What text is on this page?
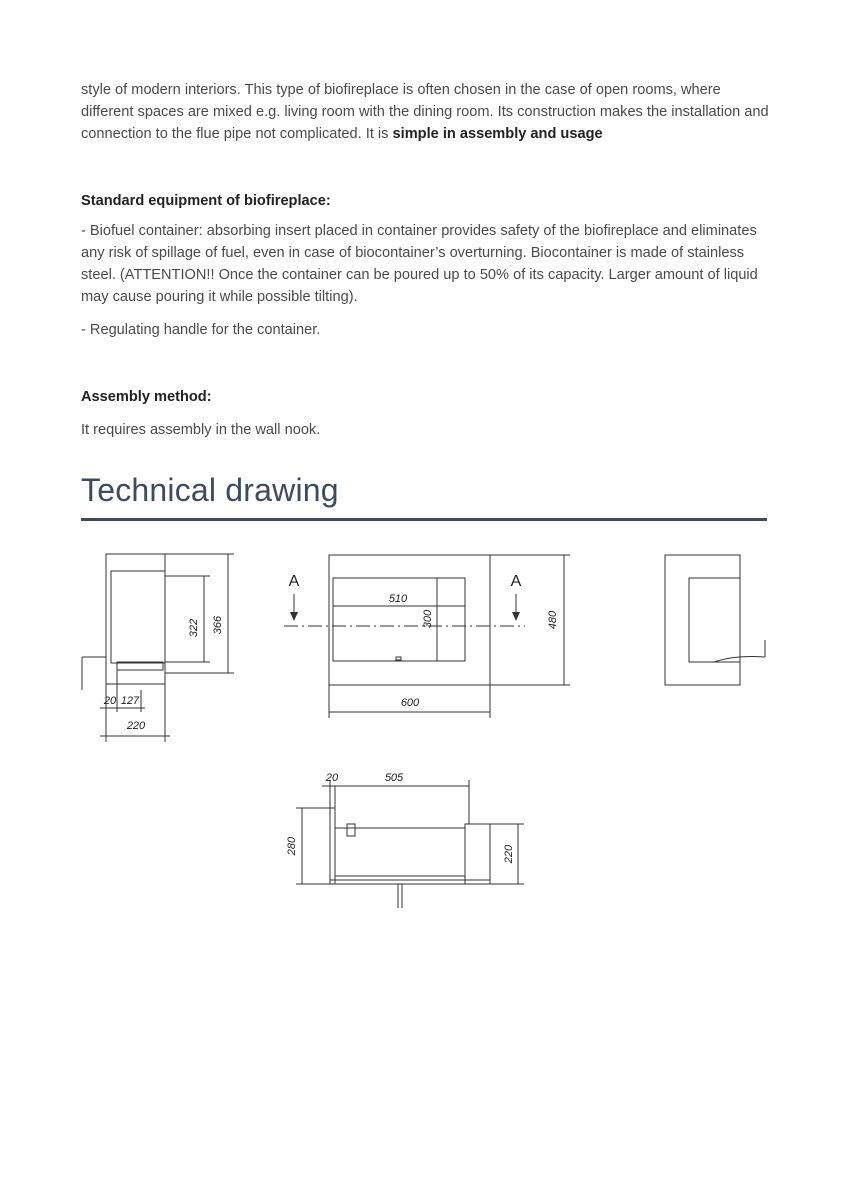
style of modern interiors. This type of biofireplace is often chosen in the case of open rooms, where different spaces are mixed e.g. living room with the dining room. Its construction makes the installation and connection to the flue pipe not complicated. It is simple in assembly and usage

Standard equipment of biofireplace:

- Biofuel container: absorbing insert placed in container provides safety of the biofireplace and eliminates any risk of spillage of fuel, even in case of biocontainer’s overturning. Biocontainer is made of stainless steel. (ATTENTION!! Once the container can be poured up to 50% of its capacity. Larger amount of liquid may cause pouring it while possible tilting).

- Regulating handle for the container.

Assembly method:

It requires assembly in the wall nook.

Technical drawing
322 366
20 127
220
A	A
510
300	480
600
20	505
280	220
